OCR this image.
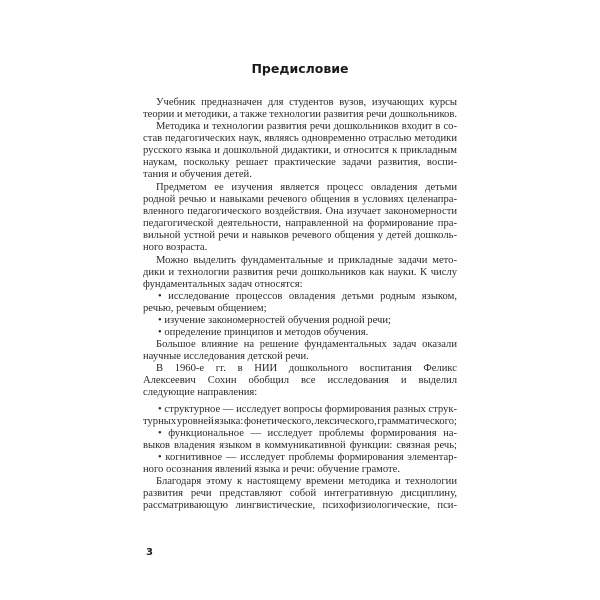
Предисловие
Учебник предназначен для студентов вузов, изучающих курсы
теории и методики, а также технологии развития речи дошкольников.
Методика и технологии развития речи дошкольников входит в со-
став педагогических наук, являясь одновременно отраслью методики
русского языка и дошкольной дидактики, и относится к прикладным
наукам, поскольку решает практические задачи развития, воспи-
тания и обучения детей.
Предметом ее изучения является процесс овладения детьми
родной речью и навыками речевого общения в условиях целенапра-
вленного педагогического воздействия. Она изучает закономерности
педагогической деятельности, направленной на формирование пра-
вильной устной речи и навыков речевого общения у детей дошколь-
ного возраста.
Можно выделить фундаментальные и прикладные задачи мето-
дики и технологии развития речи дошкольников как науки. К числу
фундаментальных задач относятся:
• исследование процессов овладения детьми родным языком,
речью, речевым общением;
• изучение закономерностей обучения родной речи;
• определение принципов и методов обучения.
Большое влияние на решение фундаментальных задач оказали
научные исследования детской речи.
В 1960-е гг. в НИИ дошкольного воспитания Феликс
Алексеевич Сохин обобщил все исследования и выделил
следующие направления:
• структурное — исследует вопросы формирования разных струк-
турных уровней языка: фонетического, лексического, грамматического;
• функциональное — исследует проблемы формирования на-
выков владения языком в коммуникативной функции: связная речь;
• когнитивное — исследует проблемы формирования элементар-
ного осознания явлений языка и речи: обучение грамоте.
Благодаря этому к настоящему времени методика и технологии
развития речи представляют собой интегративную дисциплину,
рассматривающую лингвистические, психофизиологические, пси-
3
